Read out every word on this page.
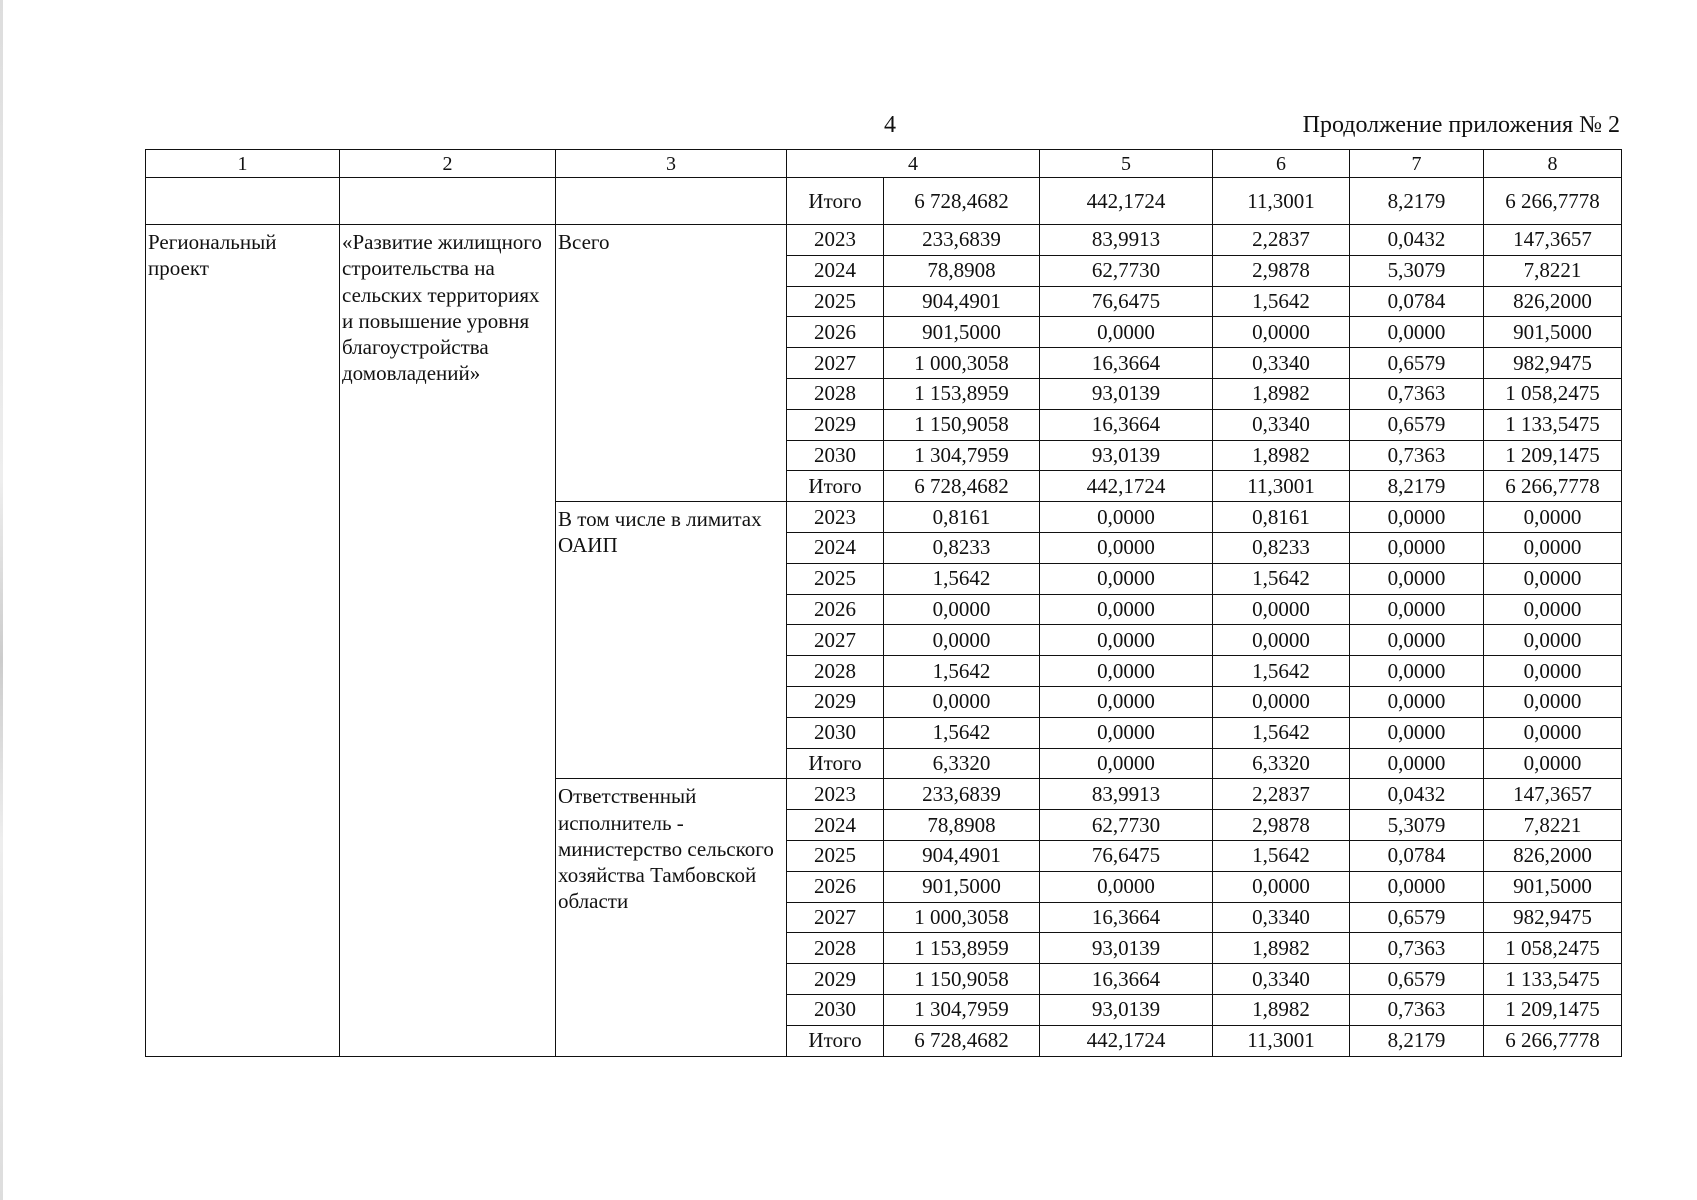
4	Продолжение приложения № 2
1	2	3	4		5	6	7	8
			Итого	6 728,4682	442,1724	11,3001	8,2179	6 266,7778
Региональный проект	«Развитие жилищного строительства на сельских территориях и повышение уровня благоустройства домовладений»	Всего	2023	233,6839	83,9913	2,2837	0,0432	147,3657
			2024	78,8908	62,7730	2,9878	5,3079	7,8221
			2025	904,4901	76,6475	1,5642	0,0784	826,2000
			2026	901,5000	0,0000	0,0000	0,0000	901,5000
			2027	1 000,3058	16,3664	0,3340	0,6579	982,9475
			2028	1 153,8959	93,0139	1,8982	0,7363	1 058,2475
			2029	1 150,9058	16,3664	0,3340	0,6579	1 133,5475
			2030	1 304,7959	93,0139	1,8982	0,7363	1 209,1475
			Итого	6 728,4682	442,1724	11,3001	8,2179	6 266,7778
		В том числе в лимитах ОАИП	2023	0,8161	0,0000	0,8161	0,0000	0,0000
			2024	0,8233	0,0000	0,8233	0,0000	0,0000
			2025	1,5642	0,0000	1,5642	0,0000	0,0000
			2026	0,0000	0,0000	0,0000	0,0000	0,0000
			2027	0,0000	0,0000	0,0000	0,0000	0,0000
			2028	1,5642	0,0000	1,5642	0,0000	0,0000
			2029	0,0000	0,0000	0,0000	0,0000	0,0000
			2030	1,5642	0,0000	1,5642	0,0000	0,0000
			Итого	6,3320	0,0000	6,3320	0,0000	0,0000
		Ответственный исполнитель - министерство сельского хозяйства Тамбовской области	2023	233,6839	83,9913	2,2837	0,0432	147,3657
			2024	78,8908	62,7730	2,9878	5,3079	7,8221
			2025	904,4901	76,6475	1,5642	0,0784	826,2000
			2026	901,5000	0,0000	0,0000	0,0000	901,5000
			2027	1 000,3058	16,3664	0,3340	0,6579	982,9475
			2028	1 153,8959	93,0139	1,8982	0,7363	1 058,2475
			2029	1 150,9058	16,3664	0,3340	0,6579	1 133,5475
			2030	1 304,7959	93,0139	1,8982	0,7363	1 209,1475
			Итого	6 728,4682	442,1724	11,3001	8,2179	6 266,7778
